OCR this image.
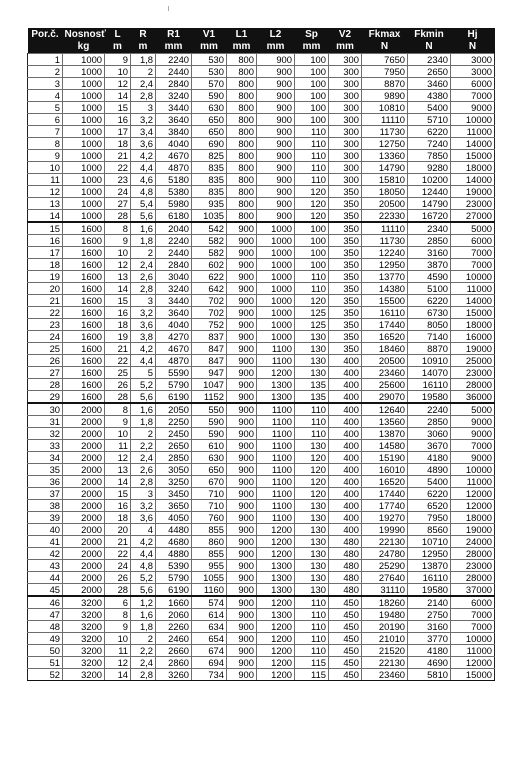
Por.č.	Nosnosť	L	R	R1	V1	L1	L2	Sp	V2	Fkmax	Fkmin	Hj
	kg	m	m	mm	mm	mm	mm	mm	mm	N	N	N
1	1000	9	1,8	2240	530	800	900	100	300	7650	2340	3000
2	1000	10	2	2440	530	800	900	100	300	7950	2650	3000
3	1000	12	2,4	2840	570	800	900	100	300	8870	3460	6000
4	1000	14	2,8	3240	590	800	900	100	300	9890	4380	7000
5	1000	15	3	3440	630	800	900	100	300	10810	5400	9000
6	1000	16	3,2	3640	650	800	900	100	300	11110	5710	10000
7	1000	17	3,4	3840	650	800	900	110	300	11730	6220	11000
8	1000	18	3,6	4040	690	800	900	110	300	12750	7240	14000
9	1000	21	4,2	4670	825	800	900	110	300	13360	7850	15000
10	1000	22	4,4	4870	835	800	900	110	300	14790	9280	18000
11	1000	23	4,6	5180	835	800	900	110	300	15810	10200	14000
12	1000	24	4,8	5380	835	800	900	120	350	18050	12440	19000
13	1000	27	5,4	5980	935	800	900	120	350	20500	14790	23000
14	1000	28	5,6	6180	1035	800	900	120	350	22330	16720	27000
15	1600	8	1,6	2040	542	900	1000	100	350	11110	2340	5000
16	1600	9	1,8	2240	582	900	1000	100	350	11730	2850	6000
17	1600	10	2	2440	582	900	1000	100	350	12240	3160	7000
18	1600	12	2,4	2840	602	900	1000	100	350	12950	3870	7000
19	1600	13	2,6	3040	622	900	1000	110	350	13770	4590	10000
20	1600	14	2,8	3240	642	900	1000	110	350	14380	5100	11000
21	1600	15	3	3440	702	900	1000	120	350	15500	6220	14000
22	1600	16	3,2	3640	702	900	1000	125	350	16110	6730	15000
23	1600	18	3,6	4040	752	900	1000	125	350	17440	8050	18000
24	1600	19	3,8	4270	837	900	1000	130	350	16520	7140	16000
25	1600	21	4,2	4670	847	900	1100	130	350	18460	8870	19000
26	1600	22	4,4	4870	847	900	1100	130	400	20500	10910	25000
27	1600	25	5	5590	947	900	1200	130	400	23460	14070	23000
28	1600	26	5,2	5790	1047	900	1300	135	400	25600	16110	28000
29	1600	28	5,6	6190	1152	900	1300	135	400	29070	19580	36000
30	2000	8	1,6	2050	550	900	1100	110	400	12640	2240	5000
31	2000	9	1,8	2250	590	900	1100	110	400	13560	2850	9000
32	2000	10	2	2450	590	900	1100	110	400	13870	3060	9000
33	2000	11	2,2	2650	610	900	1100	130	400	14580	3670	7000
34	2000	12	2,4	2850	630	900	1100	120	400	15190	4180	9000
35	2000	13	2,6	3050	650	900	1100	120	400	16010	4890	10000
36	2000	14	2,8	3250	670	900	1100	120	400	16520	5400	11000
37	2000	15	3	3450	710	900	1100	120	400	17440	6220	12000
38	2000	16	3,2	3650	710	900	1100	130	400	17740	6520	12000
39	2000	18	3,6	4050	760	900	1100	130	400	19270	7950	18000
40	2000	20	4	4480	855	900	1200	130	400	19990	8560	19000
41	2000	21	4,2	4680	860	900	1200	130	480	22130	10710	24000
42	2000	22	4,4	4880	855	900	1200	130	480	24780	12950	28000
43	2000	24	4,8	5390	955	900	1300	130	480	25290	13870	23000
44	2000	26	5,2	5790	1055	900	1300	130	480	27640	16110	28000
45	2000	28	5,6	6190	1160	900	1300	130	480	31110	19580	37000
46	3200	6	1,2	1660	574	900	1200	110	450	18260	2140	6000
47	3200	8	1,6	2060	614	900	1300	110	450	19480	2750	7000
48	3200	9	1,8	2260	634	900	1200	110	450	20190	3160	7000
49	3200	10	2	2460	654	900	1200	110	450	21010	3770	10000
50	3200	11	2,2	2660	674	900	1200	110	450	21520	4180	11000
51	3200	12	2,4	2860	694	900	1200	115	450	22130	4690	12000
52	3200	14	2,8	3260	734	900	1200	115	450	23460	5810	15000
